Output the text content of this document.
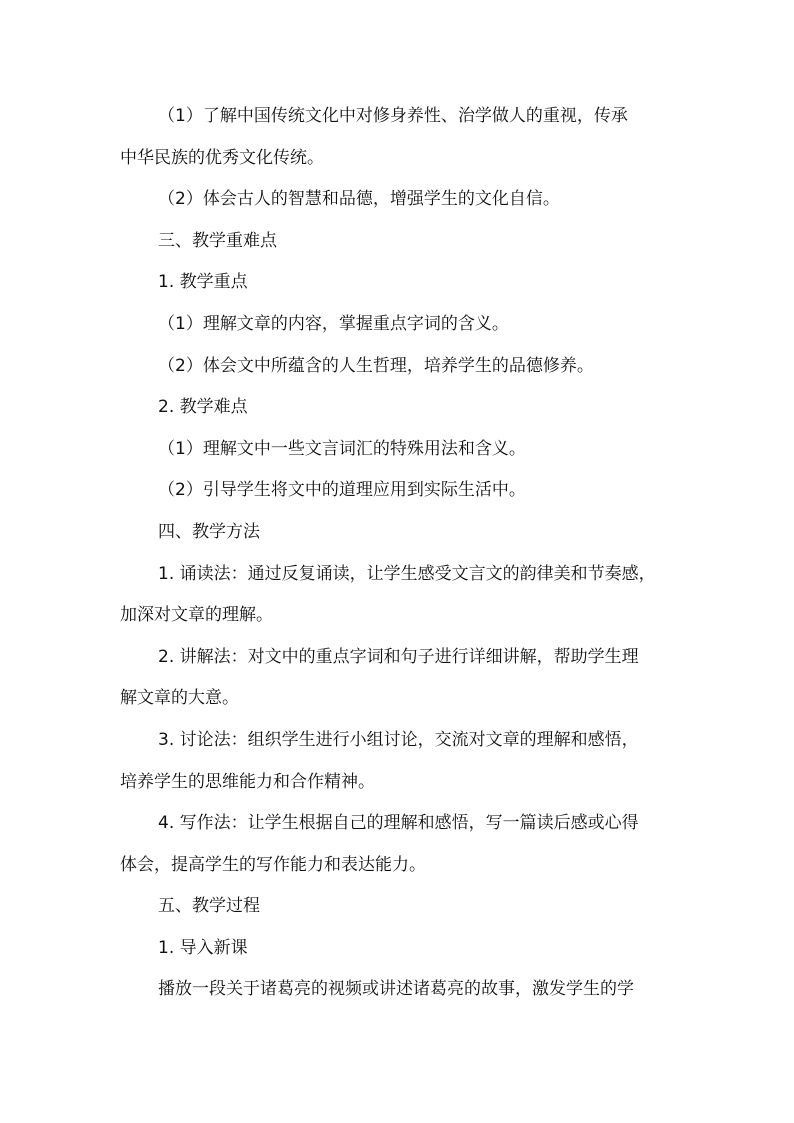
（1）了解中国传统文化中对修身养性、治学做人的重视，传承
中华民族的优秀文化传统。
（2）体会古人的智慧和品德，增强学生的文化自信。
三、教学重难点
1. 教学重点
（1）理解文章的内容，掌握重点字词的含义。
（2）体会文中所蕴含的人生哲理，培养学生的品德修养。
2. 教学难点
（1）理解文中一些文言词汇的特殊用法和含义。
（2）引导学生将文中的道理应用到实际生活中。
四、教学方法
1. 诵读法：通过反复诵读，让学生感受文言文的韵律美和节奏感，
加深对文章的理解。
2. 讲解法：对文中的重点字词和句子进行详细讲解，帮助学生理
解文章的大意。
3. 讨论法：组织学生进行小组讨论，交流对文章的理解和感悟，
培养学生的思维能力和合作精神。
4. 写作法：让学生根据自己的理解和感悟，写一篇读后感或心得
体会，提高学生的写作能力和表达能力。
五、教学过程
1. 导入新课
播放一段关于诸葛亮的视频或讲述诸葛亮的故事，激发学生的学
